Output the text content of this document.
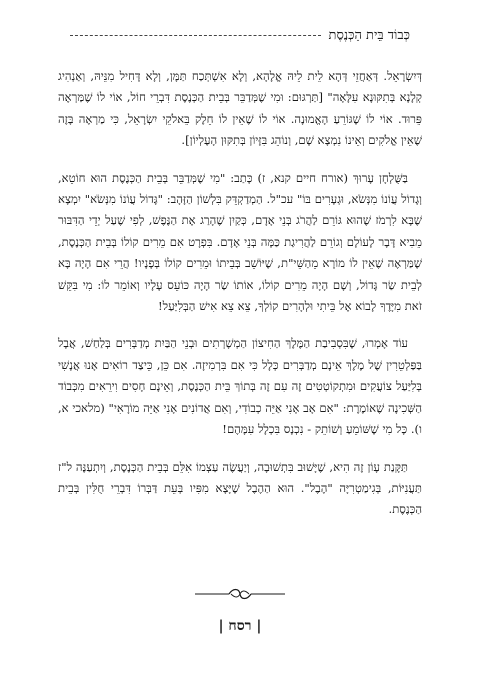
כְּבוֹד בֵּית הַכְּנֶסֶת

דְּיִשְׂרָאֵל. דְּאַחֲזֵי דְּהָא לֵית לֵיהּ אֱלָהָא, וְלָא אִשְׁתְּכַח תַּמָּן, וְלָא דָּחִיל מִנֵּיהּ, וְאַנְהִיג קְלָנָא בְּתִקּוּנָא עִלָּאָה" [תַּרְגּוּם: וּמִי שֶׁמְּדַבֵּר בְּבֵית הַכְּנֶסֶת דִּבְרֵי חוֹל, אוֹי לוֹ שֶׁמַּרְאֶה פֵּרוּד. אוֹי לוֹ שֶׁגּוֹרֵעַ הָאֱמוּנָה. אוֹי לוֹ שֶׁאֵין לוֹ חֵלֶק בֵּאלֹקֵי יִשְׂרָאֵל, כִּי מַרְאֶה בָּזֶה שֶׁאֵין אֱלֹקִים וְאֵינוֹ נִמְצָא שָׁם, וְנוֹהֵג בִּזָּיוֹן בְּתִקּוּן הָעֶלְיוֹן].

בַּשֻּׁלְחָן עָרוּךְ (אורח חיים קנא, ז) כָּתַב: "מִי שֶׁמְּדַבֵּר בְּבֵית הַכְּנֶסֶת הוּא חוֹטֵא, וְגָדוֹל עֲוֹנוֹ מִנְּשֹׂא, וּגְעָרִים בּוֹ" עכ"ל. הַמְדַקְדֵּק בִּלְשׁוֹן הַזָּהָב: "גָּדוֹל עֲוֹנוֹ מִנְּשֹׂא" יִמְצָא שֶׁבָּא לִרְמֹז שֶׁהוּא גּוֹרֵם לַהֲרֹג בְּנֵי אָדָם, כְּקַיִן שֶׁהָרַג אֶת הַנֶּפֶשׁ, לְפִי שֶׁעַל יְדֵי הַדִּבּוּר מֵבִיא דָּבָר לָעוֹלָם וְגוֹרֵם לַהֲרִיגַת כַּמָּה בְּנֵי אָדָם. בִּפְרָט אִם מֵרִים קוֹלוֹ בְּבֵית הַכְּנֶסֶת, שֶׁמַּרְאֶה שֶׁאֵין לוֹ מוֹרָא מֵהַשֵּׁי"ת, שֶׁיּוֹשֵׁב בְּבֵיתוֹ וּמֵרִים קוֹלוֹ בְּפָנָיו! הֲרֵי אִם הָיָה בָּא לְבֵית שַׂר גָּדוֹל, וְשָׁם הָיָה מֵרִים קוֹלוֹ, אוֹתוֹ שַׂר הָיָה כּוֹעֵס עָלָיו וְאוֹמֵר לוֹ: מִי בִּקֵּשׁ זֹאת מִיָּדֶךָ לָבוֹא אֶל בֵּיתִי וּלְהָרִים קוֹלְךָ, צֵא צֵא אִישׁ הַבְּלִיַּעַל!

עוֹד אָמְרוּ, שֶׁבִּסְבִיבַת הַמֶּלֶךְ הַחִיצוֹן הַמְשָׁרְתִים וּבְנֵי הַבַּיִת מְדַבְּרִים בְּלַחַשׁ, אֲבָל בַּפַּלְטֵרִין שֶׁל מֶלֶךְ אֵינָם מְדַבְּרִים כְּלָל כִּי אִם בִּרְמִיזָה. אִם כֵּן, כֵּיצַד רוֹאִים אָנוּ אֲנָשִׁי בְּלִיַּעַל צוֹעֲקִים וּמִתְקוֹטְטִים זֶה עִם זֶה בְּתוֹךְ בֵּית הַכְּנֶסֶת, וְאֵינָם חָסִים וִירֵאִים מִכְּבוֹד הַשְּׁכִינָה שֶׁאוֹמֶרֶת: "אִם אָב אָנִי אַיֵּה כְבוֹדִי, וְאִם אֲדוֹנִים אָנִי אַיֵּה מוֹרָאִי" (מלאכי א, ו). כָּל מִי שֶׁשּׁוֹמֵעַ וְשׁוֹתֵק - נִכְנָס בִּכְלָל עִמָּהֶם!

תַּקָּנַת עָוֹן זֶה הִיא, שֶׁיָּשׁוּב בִּתְשׁוּבָה, וְיַעֲשֶׂה עַצְמוֹ אִלֵּם בְּבֵית הַכְּנֶסֶת, וְיִתְעַנֶּה ל"ז תַּעֲנִיּוֹת, בְּגִימַטְרִיָּה "הֶבֶל". הוּא הַהֶבֶל שֶׁיָּצָא מִפִּיו בְּעֵת דַּבְּרוֹ דִּבְרֵי חֻלִּין בְּבֵית הַכְּנֶסֶת.

| רסח |
